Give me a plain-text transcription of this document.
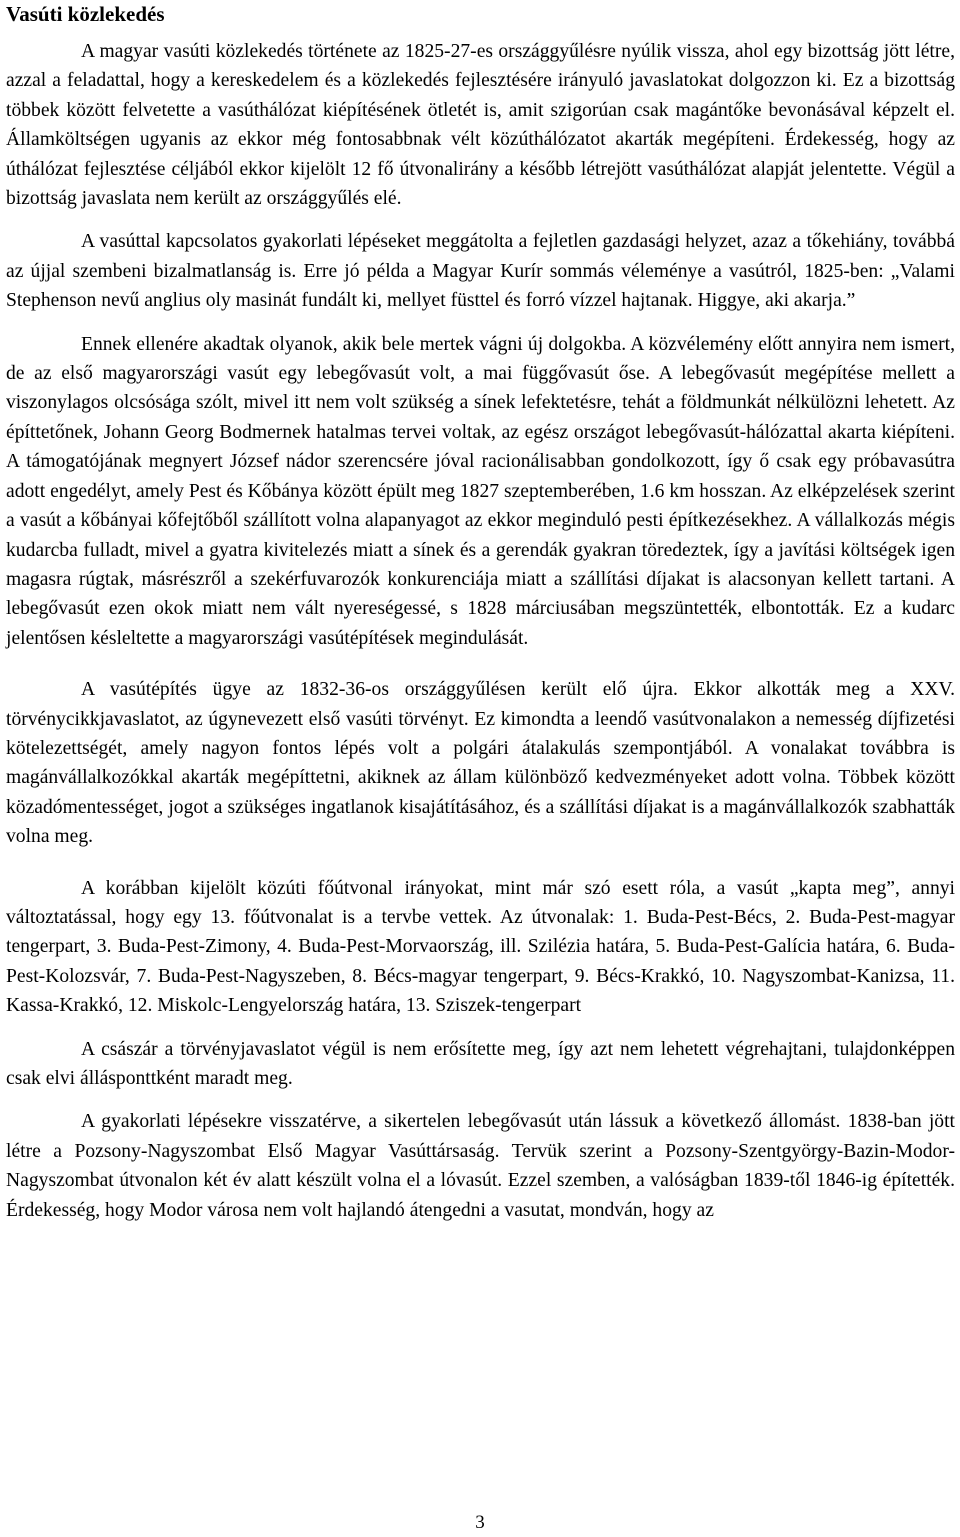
Vasúti közlekedés

A magyar vasúti közlekedés története az 1825-27-es országgyűlésre nyúlik vissza, ahol egy bizottság jött létre, azzal a feladattal, hogy a kereskedelem és a közlekedés fejlesztésére irányuló javaslatokat dolgozzon ki. Ez a bizottság többek között felvetette a vasúthálózat kiépítésének ötletét is, amit szigorúan csak magántőke bevonásával képzelt el. Államköltségen ugyanis az ekkor még fontosabbnak vélt közúthálózatot akarták megépíteni. Érdekesség, hogy az úthálózat fejlesztése céljából ekkor kijelölt 12 fő útvonalirány a később létrejött vasúthálózat alapját jelentette. Végül a bizottság javaslata nem került az országgyűlés elé.

A vasúttal kapcsolatos gyakorlati lépéseket meggátolta a fejletlen gazdasági helyzet, azaz a tőkehiány, továbbá az újjal szembeni bizalmatlanság is. Erre jó példa a Magyar Kurír sommás véleménye a vasútról, 1825-ben: „Valami Stephenson nevű anglius oly masinát fundált ki, mellyet füsttel és forró vízzel hajtanak. Higgye, aki akarja.”

Ennek ellenére akadtak olyanok, akik bele mertek vágni új dolgokba. A közvélemény előtt annyira nem ismert, de az első magyarországi vasút egy lebegővasút volt, a mai függővasút őse. A lebegővasút megépítése mellett a viszonylagos olcsósága szólt, mivel itt nem volt szükség a sínek lefektetésre, tehát a földmunkát nélkülözni lehetett. Az építtetőnek, Johann Georg Bodmernek hatalmas tervei voltak, az egész országot lebegővasút-hálózattal akarta kiépíteni. A támogatójának megnyert József nádor szerencsére jóval racionálisabban gondolkozott, így ő csak egy próbavasútra adott engedélyt, amely Pest és Kőbánya között épült meg 1827 szeptemberében, 1.6 km hosszan. Az elképzelések szerint a vasút a kőbányai kőfejtőből szállított volna alapanyagot az ekkor meginduló pesti építkezésekhez. A vállalkozás mégis kudarcba fulladt, mivel a gyatra kivitelezés miatt a sínek és a gerendák gyakran töredeztek, így a javítási költségek igen magasra rúgtak, másrészről a szekérfuvarozók konkurenciája miatt a szállítási díjakat is alacsonyan kellett tartani. A lebegővasút ezen okok miatt nem vált nyereségessé, s 1828 márciusában megszüntették, elbontották. Ez a kudarc jelentősen késleltette a magyarországi vasútépítések megindulását.

A vasútépítés ügye az 1832-36-os országgyűlésen került elő újra. Ekkor alkották meg a XXV. törvénycikkjavaslatot, az úgynevezett első vasúti törvényt. Ez kimondta a leendő vasútvonalakon a nemesség díjfizetési kötelezettségét, amely nagyon fontos lépés volt a polgári átalakulás szempontjából. A vonalakat továbbra is magánvállalkozókkal akarták megépíttetni, akiknek az állam különböző kedvezményeket adott volna. Többek között közadómentességet, jogot a szükséges ingatlanok kisajátításához, és a szállítási díjakat is a magánvállalkozók szabhatták volna meg.

A korábban kijelölt közúti főútvonal irányokat, mint már szó esett róla, a vasút „kapta meg”, annyi változtatással, hogy egy 13. főútvonalat is a tervbe vettek. Az útvonalak: 1. Buda-Pest-Bécs, 2. Buda-Pest-magyar tengerpart, 3. Buda-Pest-Zimony, 4. Buda-Pest-Morvaország, ill. Szilézia határa, 5. Buda-Pest-Galícia határa, 6. Buda-Pest-Kolozsvár, 7. Buda-Pest-Nagyszeben, 8. Bécs-magyar tengerpart, 9. Bécs-Krakkó, 10. Nagyszombat-Kanizsa, 11. Kassa-Krakkó, 12. Miskolc-Lengyelország határa, 13. Sziszek-tengerpart

A császár a törvényjavaslatot végül is nem erősítette meg, így azt nem lehetett végrehajtani, tulajdonképpen csak elvi állásponttként maradt meg.

A gyakorlati lépésekre visszatérve, a sikertelen lebegővasút után lássuk a következő állomást. 1838-ban jött létre a Pozsony-Nagyszombat Első Magyar Vasúttársaság. Tervük szerint a Pozsony-Szentgyörgy-Bazin-Modor-Nagyszombat útvonalon két év alatt készült volna el a lóvasút. Ezzel szemben, a valóságban 1839-től 1846-ig építették. Érdekesség, hogy Modor városa nem volt hajlandó átengedni a vasutat, mondván, hogy az

3
